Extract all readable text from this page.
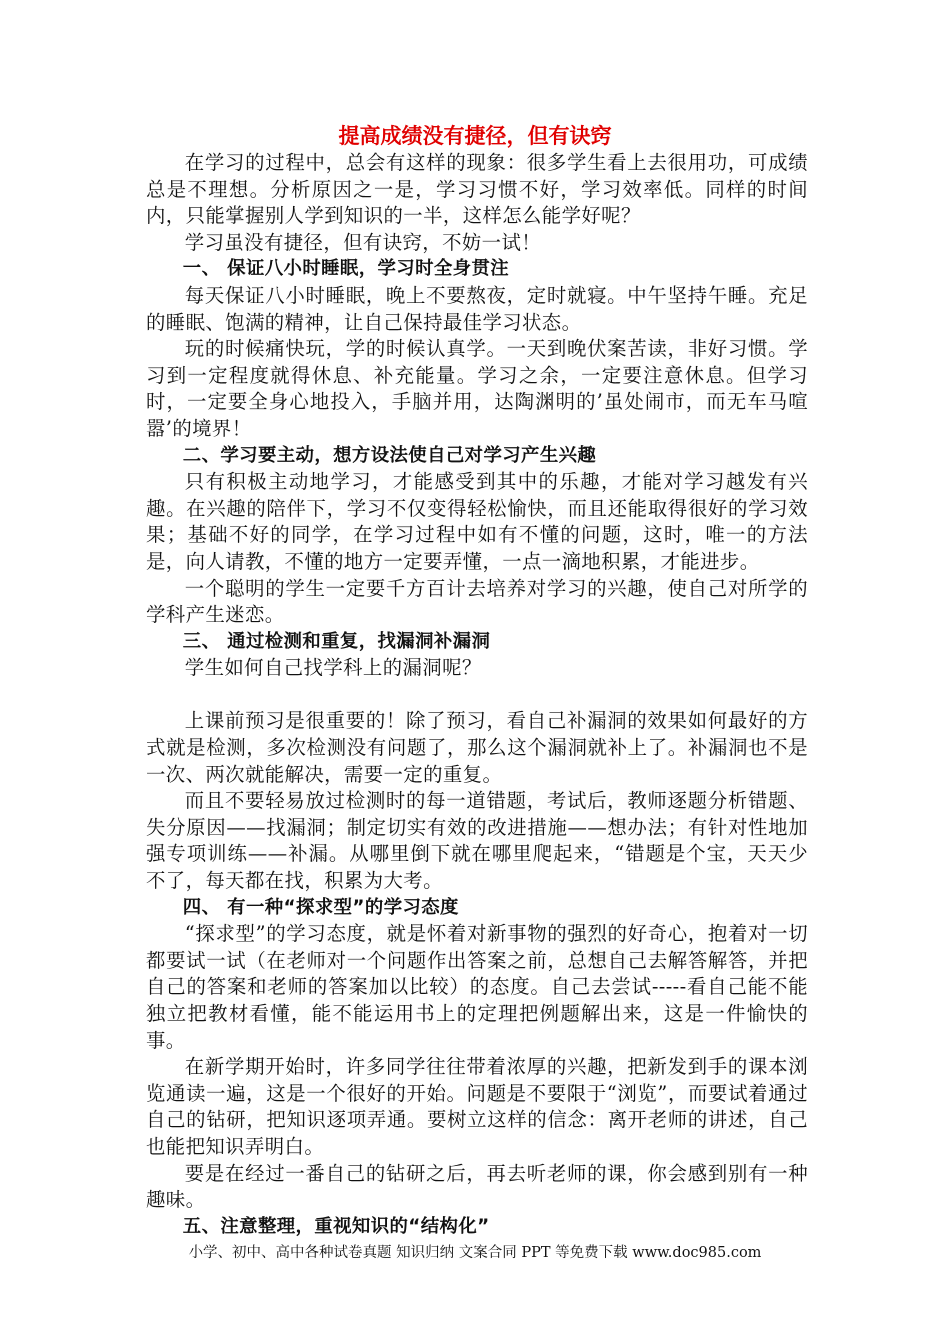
提高成绩没有捷径，但有诀窍

在学习的过程中，总会有这样的现象：很多学生看上去很用功，可成绩总是不理想。分析原因之一是，学习习惯不好，学习效率低。同样的时间内，只能掌握别人学到知识的一半，这样怎么能学好呢？

学习虽没有捷径，但有诀窍，不妨一试！

一、 保证八小时睡眠，学习时全身贯注

每天保证八小时睡眠，晚上不要熬夜，定时就寝。中午坚持午睡。充足的睡眠、饱满的精神，让自己保持最佳学习状态。

玩的时候痛快玩，学的时候认真学。一天到晚伏案苦读，非好习惯。学习到一定程度就得休息、补充能量。学习之余，一定要注意休息。但学习时，一定要全身心地投入，手脑并用，达陶渊明的’虽处闹市，而无车马喧嚣’的境界！

二、学习要主动，想方设法使自己对学习产生兴趣

只有积极主动地学习，才能感受到其中的乐趣，才能对学习越发有兴趣。在兴趣的陪伴下，学习不仅变得轻松愉快，而且还能取得很好的学习效果；基础不好的同学，在学习过程中如有不懂的问题，这时，唯一的方法是，向人请教，不懂的地方一定要弄懂，一点一滴地积累，才能进步。

一个聪明的学生一定要千方百计去培养对学习的兴趣，使自己对所学的学科产生迷恋。

三、 通过检测和重复，找漏洞补漏洞

学生如何自己找学科上的漏洞呢？

上课前预习是很重要的！除了预习，看自己补漏洞的效果如何最好的方式就是检测，多次检测没有问题了，那么这个漏洞就补上了。补漏洞也不是一次、两次就能解决，需要一定的重复。

而且不要轻易放过检测时的每一道错题，考试后，教师逐题分析错题、失分原因——找漏洞；制定切实有效的改进措施——想办法；有针对性地加强专项训练——补漏。从哪里倒下就在哪里爬起来，“错题是个宝，天天少不了，每天都在找，积累为大考。

四、 有一种“探求型”的学习态度

“探求型”的学习态度，就是怀着对新事物的强烈的好奇心，抱着对一切都要试一试（在老师对一个问题作出答案之前，总想自己去解答解答，并把自己的答案和老师的答案加以比较）的态度。自己去尝试-----看自己能不能独立把教材看懂，能不能运用书上的定理把例题解出来，这是一件愉快的事。

在新学期开始时，许多同学往往带着浓厚的兴趣，把新发到手的课本浏览通读一遍，这是一个很好的开始。问题是不要限于“浏览”，而要试着通过自己的钻研，把知识逐项弄通。要树立这样的信念：离开老师的讲述，自己也能把知识弄明白。

要是在经过一番自己的钻研之后，再去听老师的课，你会感到别有一种趣味。

五、注意整理，重视知识的“结构化”

小学、初中、高中各种试卷真题 知识归纳 文案合同 PPT 等免费下载 www.doc985.com
